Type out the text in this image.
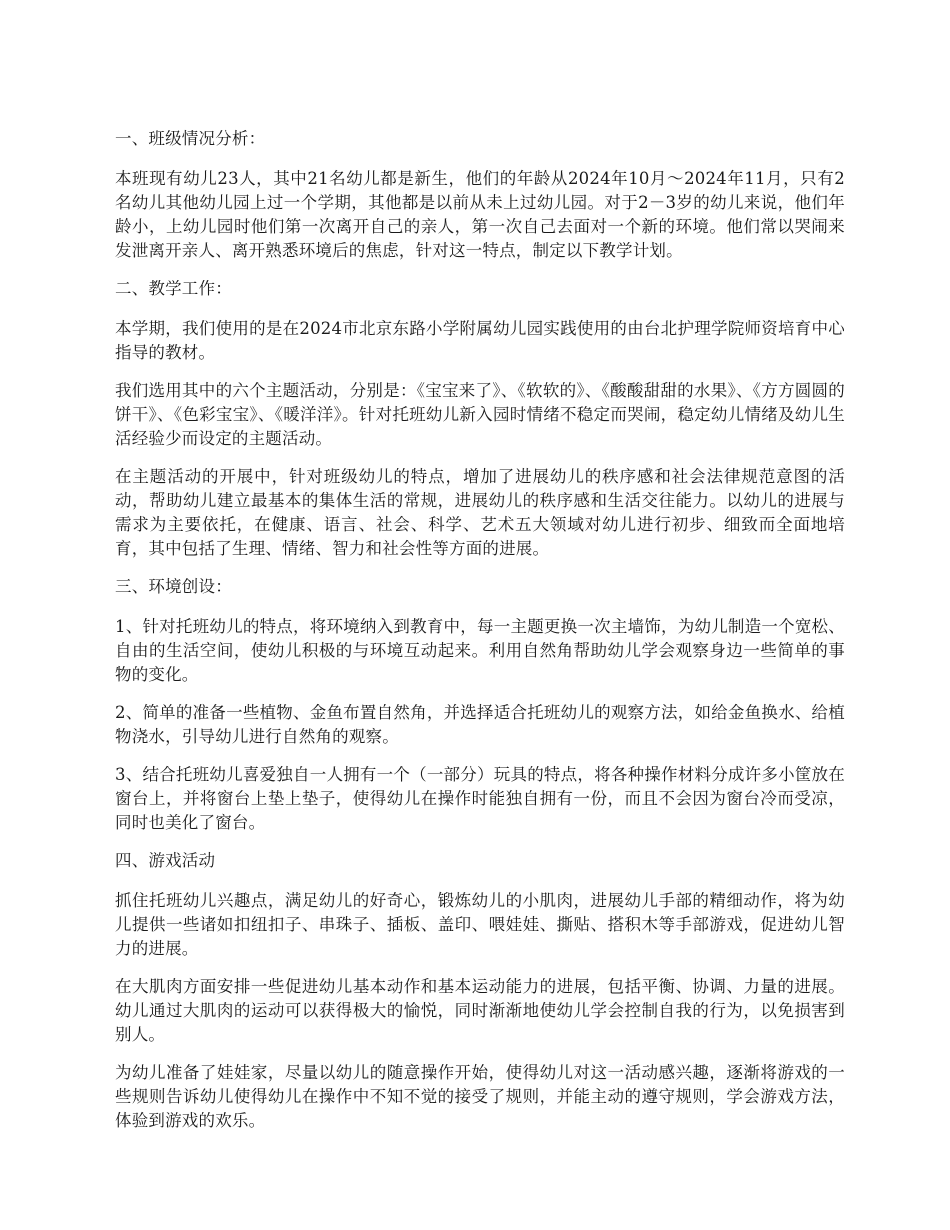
一、班级情况分析：

本班现有幼儿23人，其中21名幼儿都是新生，他们的年龄从2024年10月～2024年11月，只有2名幼儿其他幼儿园上过一个学期，其他都是以前从未上过幼儿园。对于2－3岁的幼儿来说，他们年龄小，上幼儿园时他们第一次离开自己的亲人，第一次自己去面对一个新的环境。他们常以哭闹来发泄离开亲人、离开熟悉环境后的焦虑，针对这一特点，制定以下教学计划。

二、教学工作：

本学期，我们使用的是在2024市北京东路小学附属幼儿园实践使用的由台北护理学院师资培育中心指导的教材。

我们选用其中的六个主题活动，分别是：《宝宝来了》、《软软的》、《酸酸甜甜的水果》、《方方圆圆的饼干》、《色彩宝宝》、《暖洋洋》。针对托班幼儿新入园时情绪不稳定而哭闹，稳定幼儿情绪及幼儿生活经验少而设定的主题活动。

在主题活动的开展中，针对班级幼儿的特点，增加了进展幼儿的秩序感和社会法律规范意图的活动，帮助幼儿建立最基本的集体生活的常规，进展幼儿的秩序感和生活交往能力。以幼儿的进展与需求为主要依托，在健康、语言、社会、科学、艺术五大领域对幼儿进行初步、细致而全面地培育，其中包括了生理、情绪、智力和社会性等方面的进展。

三、环境创设：

1、针对托班幼儿的特点，将环境纳入到教育中，每一主题更换一次主墙饰，为幼儿制造一个宽松、自由的生活空间，使幼儿积极的与环境互动起来。利用自然角帮助幼儿学会观察身边一些简单的事物的变化。

2、简单的准备一些植物、金鱼布置自然角，并选择适合托班幼儿的观察方法，如给金鱼换水、给植物浇水，引导幼儿进行自然角的观察。

3、结合托班幼儿喜爱独自一人拥有一个（一部分）玩具的特点，将各种操作材料分成许多小筐放在窗台上，并将窗台上垫上垫子，使得幼儿在操作时能独自拥有一份，而且不会因为窗台冷而受凉，同时也美化了窗台。

四、游戏活动

抓住托班幼儿兴趣点，满足幼儿的好奇心，锻炼幼儿的小肌肉，进展幼儿手部的精细动作，将为幼儿提供一些诸如扣纽扣子、串珠子、插板、盖印、喂娃娃、撕贴、搭积木等手部游戏，促进幼儿智力的进展。

在大肌肉方面安排一些促进幼儿基本动作和基本运动能力的进展，包括平衡、协调、力量的进展。幼儿通过大肌肉的运动可以获得极大的愉悦，同时渐渐地使幼儿学会控制自我的行为，以免损害到别人。

为幼儿准备了娃娃家，尽量以幼儿的随意操作开始，使得幼儿对这一活动感兴趣，逐渐将游戏的一些规则告诉幼儿使得幼儿在操作中不知不觉的接受了规则，并能主动的遵守规则，学会游戏方法，体验到游戏的欢乐。
